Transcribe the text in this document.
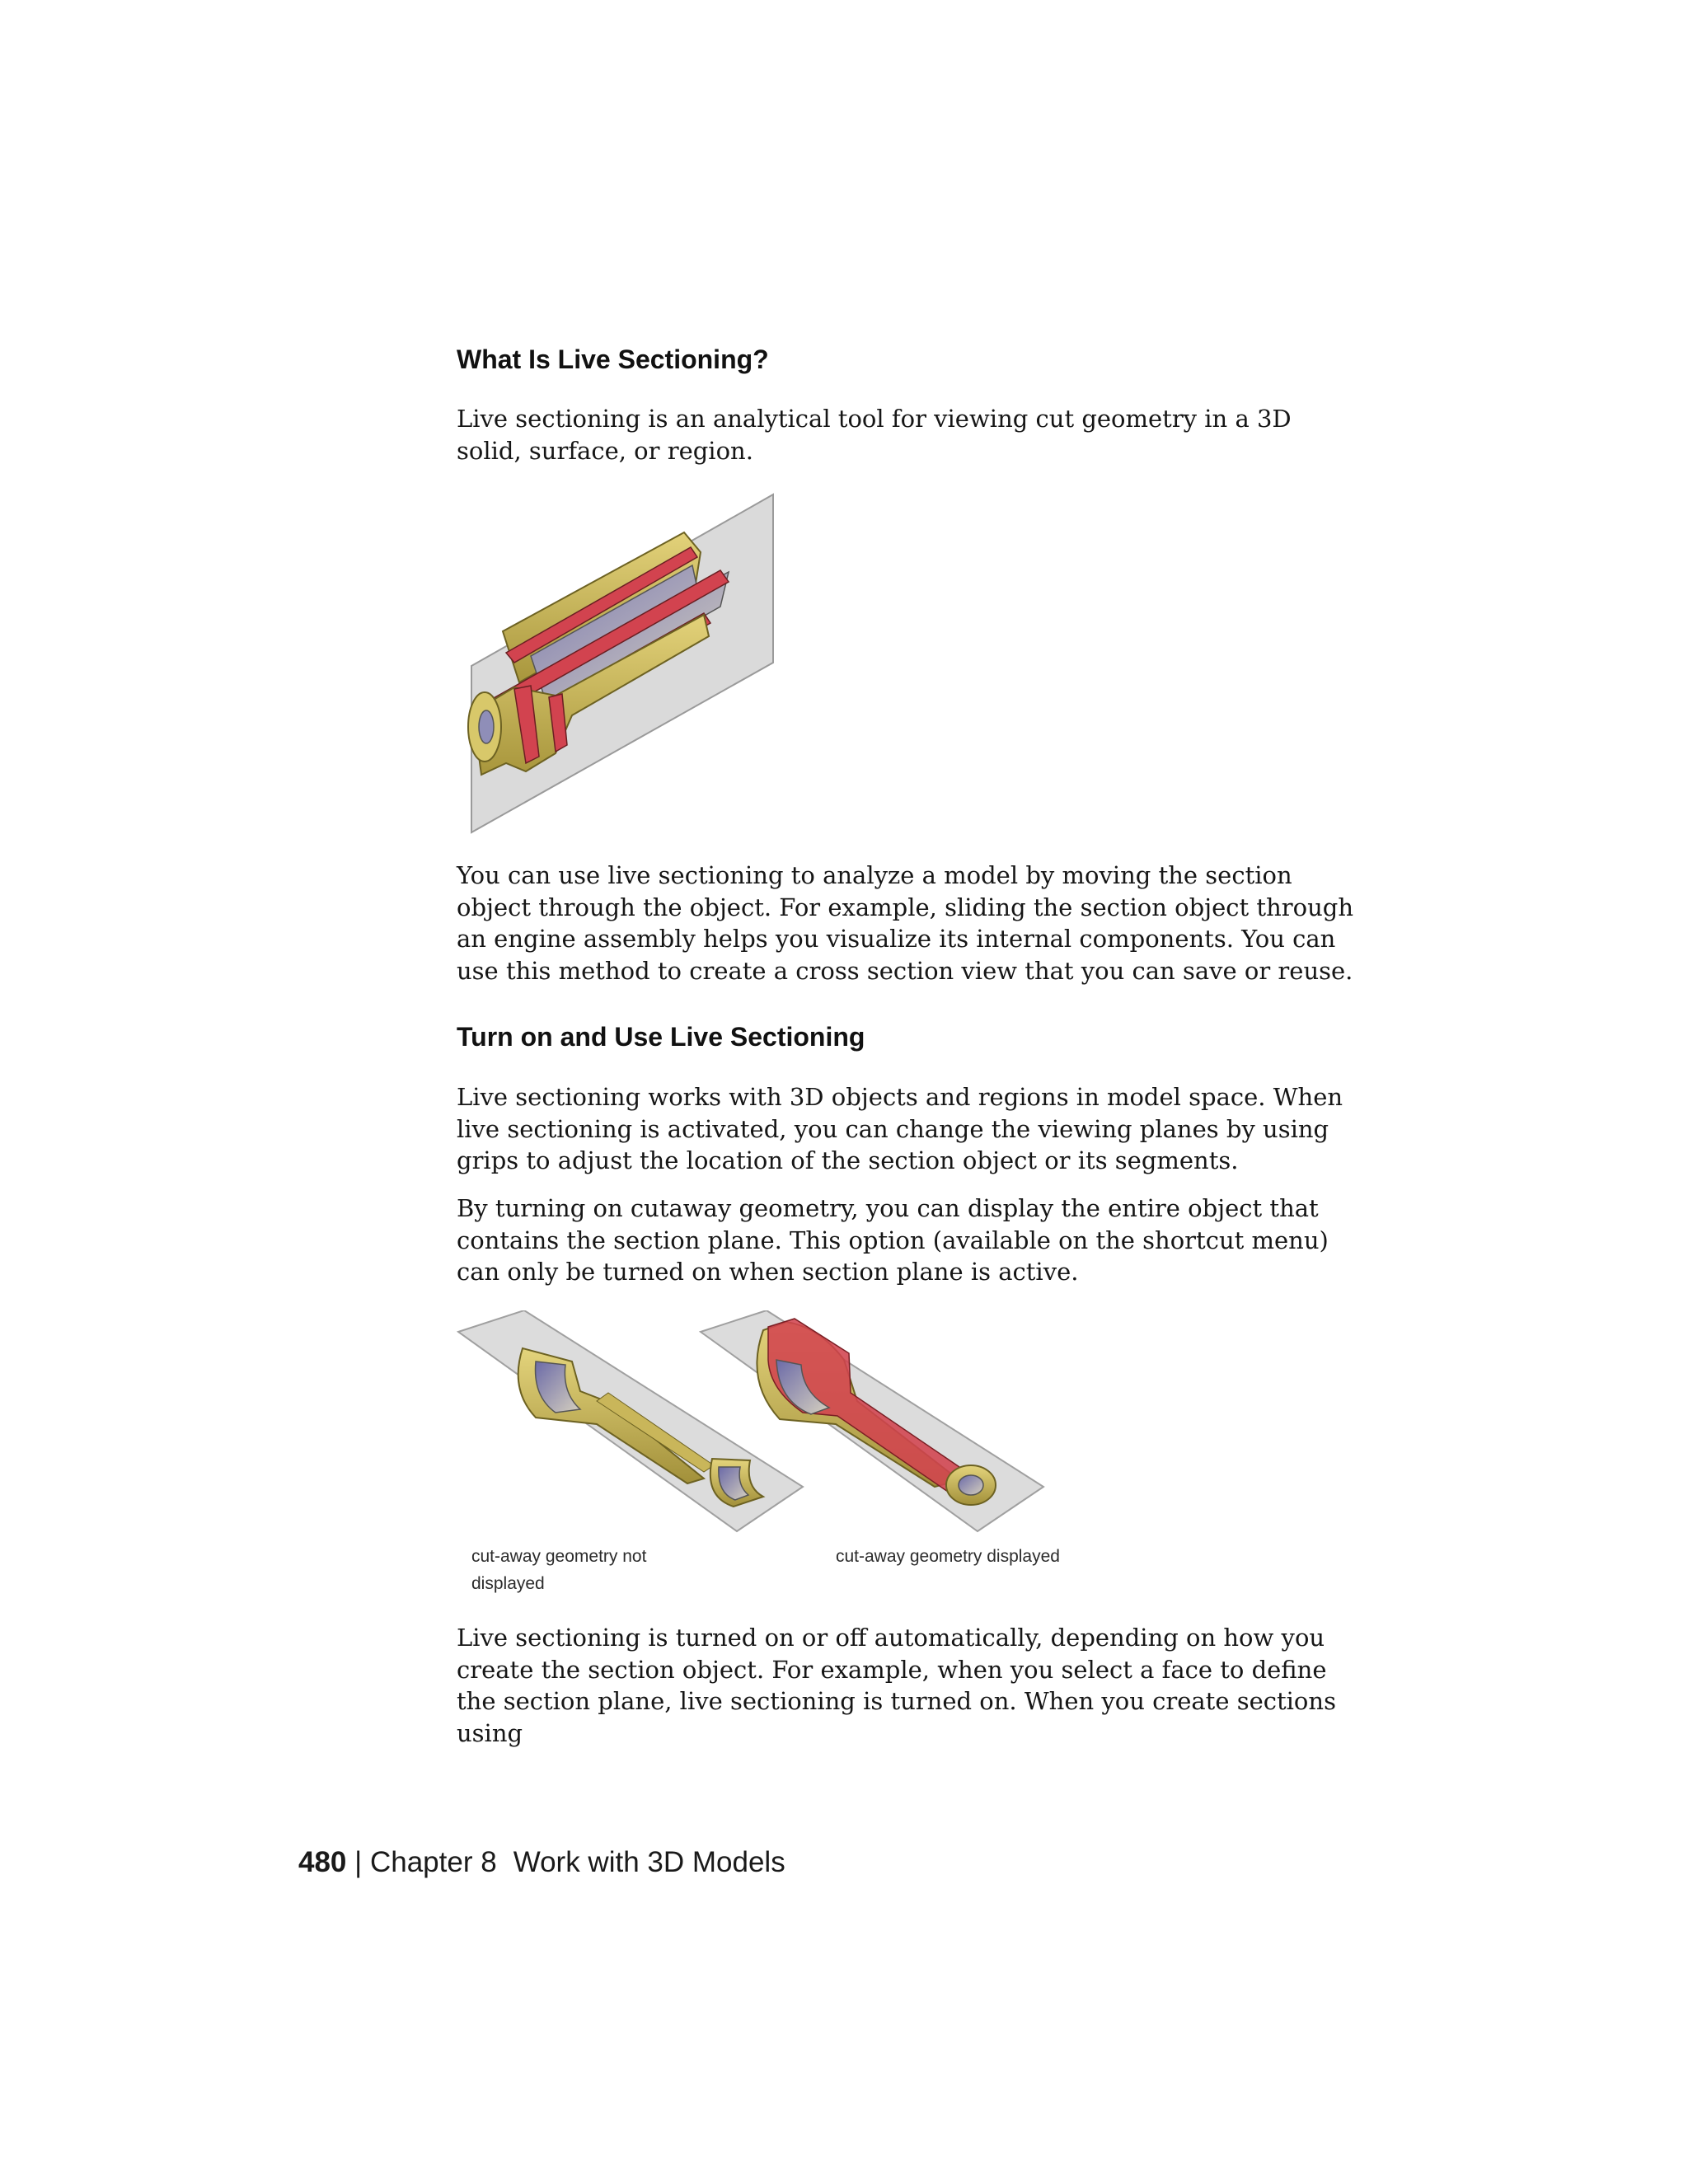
What Is Live Sectioning?

Live sectioning is an analytical tool for viewing cut geometry in a 3D solid, surface, or region.

You can use live sectioning to analyze a model by moving the section object through the object. For example, sliding the section object through an engine assembly helps you visualize its internal components. You can use this method to create a cross section view that you can save or reuse.

Turn on and Use Live Sectioning

Live sectioning works with 3D objects and regions in model space. When live sectioning is activated, you can change the viewing planes by using grips to adjust the location of the section object or its segments.

By turning on cutaway geometry, you can display the entire object that contains the section plane. This option (available on the shortcut menu) can only be turned on when section plane is active.

cut-away geometry not displayed
cut-away geometry displayed

Live sectioning is turned on or off automatically, depending on how you create the section object. For example, when you select a face to define the section plane, live sectioning is turned on. When you create sections using

480 | Chapter 8 Work with 3D Models
